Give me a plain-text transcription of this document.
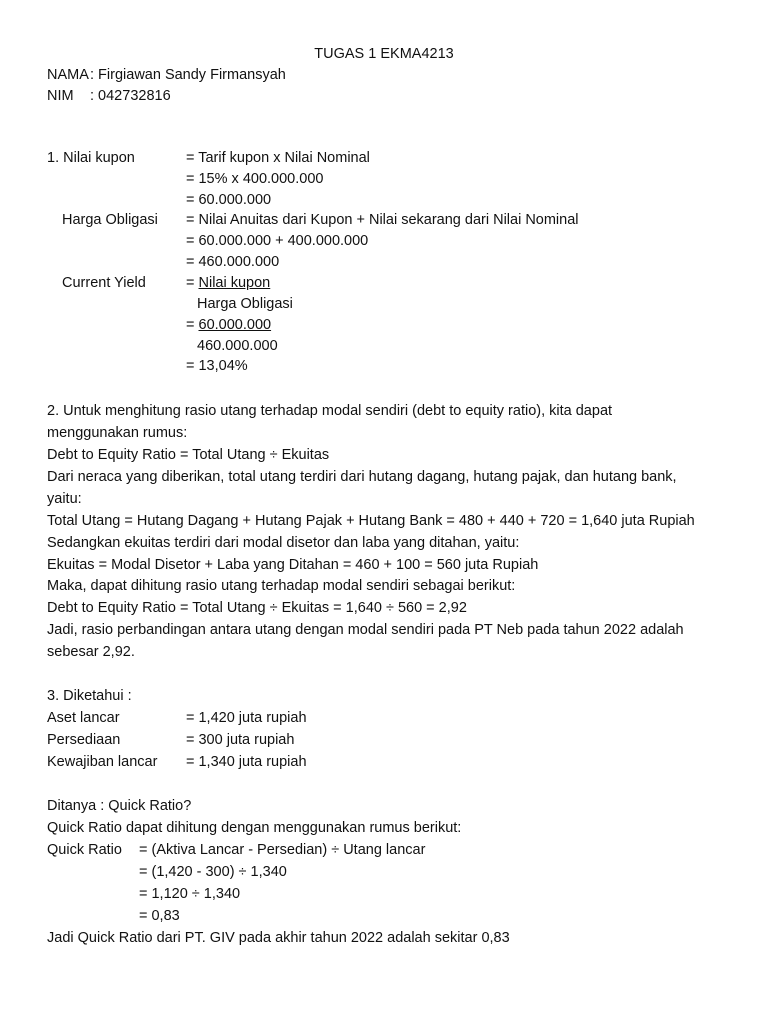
TUGAS 1 EKMA4213
NAMA : Firgiawan Sandy Firmansyah
NIM : 042732816
1. Nilai kupon	= Tarif kupon x Nilai Nominal
= 15% x 400.000.000
= 60.000.000
Harga Obligasi = Nilai Anuitas dari Kupon + Nilai sekarang dari Nilai Nominal
= 60.000.000 + 400.000.000
= 460.000.000
Current Yield	= Nilai kupon
Harga Obligasi
= 60.000.000
460.000.000
= 13,04%
2. Untuk menghitung rasio utang terhadap modal sendiri (debt to equity ratio), kita dapat
menggunakan rumus:
Debt to Equity Ratio = Total Utang ÷ Ekuitas
Dari neraca yang diberikan, total utang terdiri dari hutang dagang, hutang pajak, dan hutang bank,
yaitu:
Total Utang = Hutang Dagang + Hutang Pajak + Hutang Bank = 480 + 440 + 720 = 1,640 juta Rupiah
Sedangkan ekuitas terdiri dari modal disetor dan laba yang ditahan, yaitu:
Ekuitas = Modal Disetor + Laba yang Ditahan = 460 + 100 = 560 juta Rupiah
Maka, dapat dihitung rasio utang terhadap modal sendiri sebagai berikut:
Debt to Equity Ratio = Total Utang ÷ Ekuitas = 1,640 ÷ 560 = 2,92
Jadi, rasio perbandingan antara utang dengan modal sendiri pada PT Neb pada tahun 2022 adalah
sebesar 2,92.
3. Diketahui :
Aset lancar	= 1,420 juta rupiah
Persediaan	= 300 juta rupiah
Kewajiban lancar = 1,340 juta rupiah
Ditanya : Quick Ratio?
Quick Ratio dapat dihitung dengan menggunakan rumus berikut:
Quick Ratio = (Aktiva Lancar - Persedian) ÷ Utang lancar
= (1,420 - 300) ÷ 1,340
= 1,120 ÷ 1,340
= 0,83
Jadi Quick Ratio dari PT. GIV pada akhir tahun 2022 adalah sekitar 0,83
